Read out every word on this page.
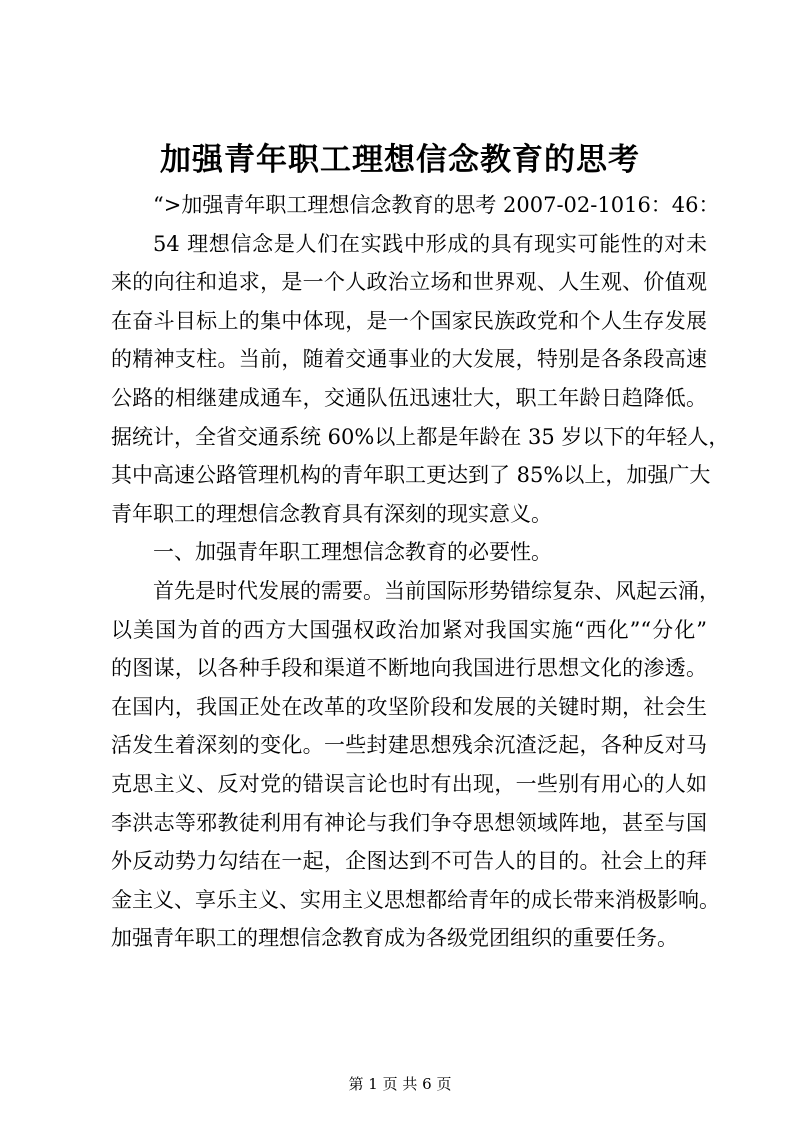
加强青年职工理想信念教育的思考
“>加强青年职工理想信念教育的思考 2007-02-1016：46：
54 理想信念是人们在实践中形成的具有现实可能性的对未
来的向往和追求，是一个人政治立场和世界观、人生观、价值观
在奋斗目标上的集中体现，是一个国家民族政党和个人生存发展
的精神支柱。当前，随着交通事业的大发展，特别是各条段高速
公路的相继建成通车，交通队伍迅速壮大，职工年龄日趋降低。
据统计，全省交通系统 60%以上都是年龄在 35 岁以下的年轻人，
其中高速公路管理机构的青年职工更达到了 85%以上，加强广大
青年职工的理想信念教育具有深刻的现实意义。
一、加强青年职工理想信念教育的必要性。
首先是时代发展的需要。当前国际形势错综复杂、风起云涌，
以美国为首的西方大国强权政治加紧对我国实施“西化”“分化”
的图谋，以各种手段和渠道不断地向我国进行思想文化的渗透。
在国内，我国正处在改革的攻坚阶段和发展的关键时期，社会生
活发生着深刻的变化。一些封建思想残余沉渣泛起，各种反对马
克思主义、反对党的错误言论也时有出现，一些别有用心的人如
李洪志等邪教徒利用有神论与我们争夺思想领域阵地，甚至与国
外反动势力勾结在一起，企图达到不可告人的目的。社会上的拜
金主义、享乐主义、实用主义思想都给青年的成长带来消极影响。
加强青年职工的理想信念教育成为各级党团组织的重要任务。
第 1 页 共 6 页
